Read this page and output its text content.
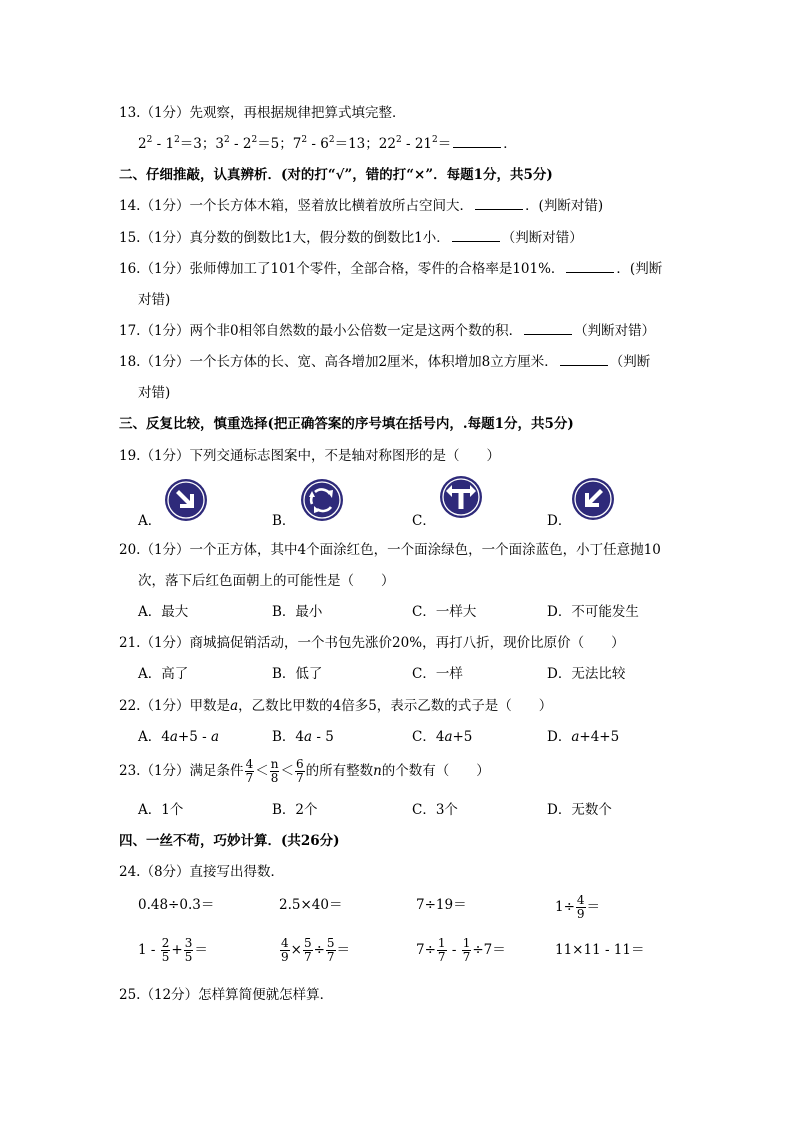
13.（1分）先观察，再根据规律把算式填完整．
$2^2 - 1^2=3$；$3^2 - 2^2=5$；$7^2 - 6^2=13$；$22^2 - 21^2=$	．
二、仔细推敲，认真辨析．(对的打“√”，错的打“×”．每题1分，共5分)
14.（1分）一个长方体木箱，竖着放比横着放所占空间大．	．(判断对错)
15.（1分）真分数的倒数比1大，假分数的倒数比1小．	（判断对错）
16.（1分）张师傅加工了101个零件，全部合格，零件的合格率是101%．	．(判断
对错)
17.（1分）两个非0相邻自然数的最小公倍数一定是这两个数的积．	（判断对错）
18.（1分）一个长方体的长、宽、高各增加2厘米，体积增加8立方厘米．	（判断
对错)
三、反复比较，慎重选择(把正确答案的序号填在括号内，.每题1分，共5分)
19.（1分）下列交通标志图案中，不是轴对称图形的是（　　）
A．	B．	C．	D．
20.（1分）一个正方体，其中4个面涂红色，一个面涂绿色，一个面涂蓝色，小丁任意抛10
次，落下后红色面朝上的可能性是（　　）
A．最大	B．最小	C．一样大	D．不可能发生
21.（1分）商城搞促销活动，一个书包先涨价20%，再打八折，现价比原价（　　）
A．高了	B．低了	C．一样	D．无法比较
22.（1分）甲数是a，乙数比甲数的4倍多5，表示乙数的式子是（　　）
A．4a+5 - a	B．4a - 5	C．4a+5	D．a+4+5
23.（1分）满足条件 $\frac{4}{7} < \frac{n}{8} < \frac{6}{7}$ 的所有整数n的个数有（　　）
A．1个	B．2个	C．3个	D．无数个
四、一丝不苟，巧妙计算．(共26分)
24.（8分）直接写出得数．
0.48÷0.3＝	2.5×40＝	7÷19＝	$1\div \frac{4}{9}$ ＝
$1 - \frac{2}{5} + \frac{3}{5}$ ＝	$\frac{4}{9} \times \frac{5}{7} \div \frac{5}{7}$ ＝	$7\div \frac{1}{7} - \frac{1}{7} \div 7=$	11×11 - 11＝
25.（12分）怎样算简便就怎样算．
